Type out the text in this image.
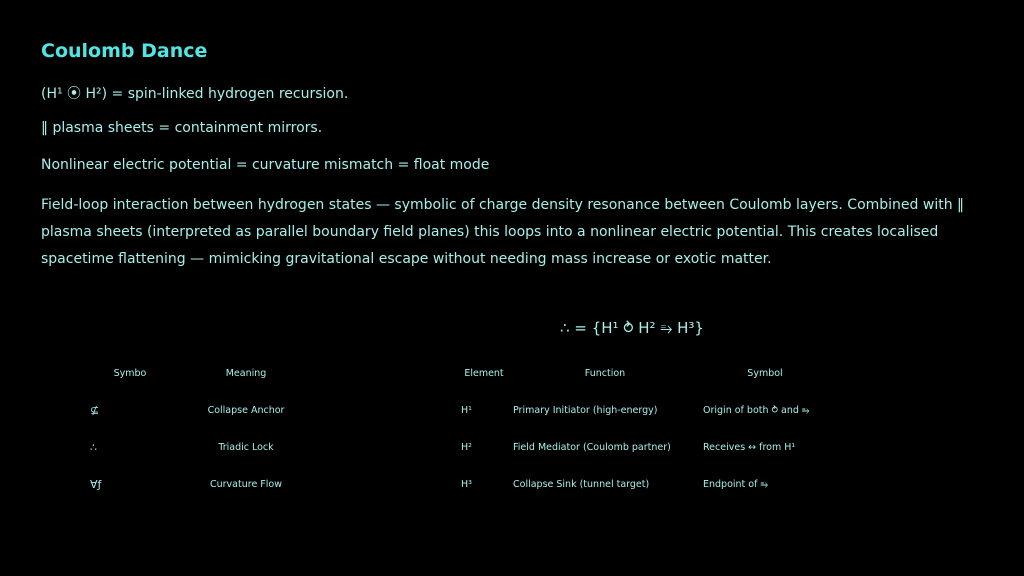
Coulomb Dance

(H¹ ⦿ H²) = spin-linked hydrogen recursion.

‖ plasma sheets = containment mirrors.

Nonlinear electric potential = curvature mismatch = float mode

Field-loop interaction between hydrogen states — symbolic of charge density resonance between Coulomb layers. Combined with ‖ plasma sheets (interpreted as parallel boundary field planes) this loops into a nonlinear electric potential. This creates localised spacetime flattening — mimicking gravitational escape without needing mass increase or exotic matter.

∴ = {H¹ ⥁ H² ⥱ H³}

Symbo	Meaning
⊈	Collapse Anchor
∴	Triadic Lock
∀ƒ	Curvature Flow
Element	Function	Symbol
H¹	Primary Initiator (high-energy)	Origin of both ⥁ and ⥱
H²	Field Mediator (Coulomb partner)	Receives ↔ from H¹
H³	Collapse Sink (tunnel target)	Endpoint of ⥱
